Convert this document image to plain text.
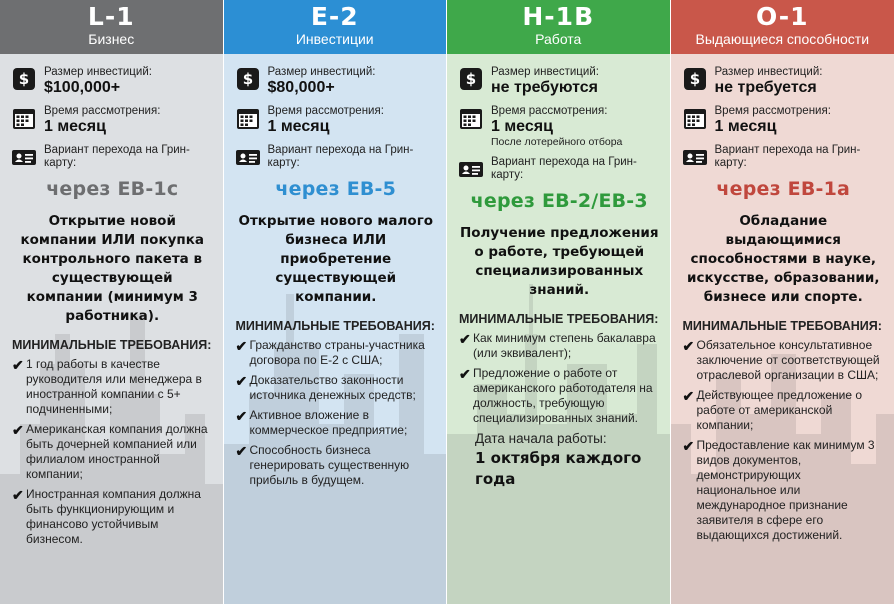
L-1
Бизнес
$ Размер инвестиций:
$100,000+
Время рассмотрения:
1 месяц
Вариант перехода на Грин-карту:
через EB-1c
Открытие новой компании ИЛИ покупка контрольного пакета в существующей компании (минимум 3 работника).
МИНИМАЛЬНЫЕ ТРЕБОВАНИЯ:
✔ 1 год работы в качестве руководителя или менеджера в иностранной компании с 5+ подчиненными;
✔ Американская компания должна быть дочерней компанией или филиалом иностранной компании;
✔ Иностранная компания должна быть функционирующим и финансово устойчивым бизнесом.
E-2
Инвестиции
$ Размер инвестиций:
$80,000+
Время рассмотрения:
1 месяц
Вариант перехода на Грин-карту:
через EB-5
Открытие нового малого бизнеса ИЛИ приобретение существующей компании.
МИНИМАЛЬНЫЕ ТРЕБОВАНИЯ:
✔ Гражданство страны-участника договора по E-2 с США;
✔ Доказательство законности источника денежных средств;
✔ Активное вложение в коммерческое предприятие;
✔ Способность бизнеса генерировать существенную прибыль в будущем.
H-1B
Работа
$ Размер инвестиций:
не требуются
Время рассмотрения:
1 месяц
После лотерейного отбора
Вариант перехода на Грин-карту:
через EB-2/EB-3
Получение предложения о работе, требующей специализированных знаний.
МИНИМАЛЬНЫЕ ТРЕБОВАНИЯ:
✔ Как минимум степень бакалавра (или эквивалент);
✔ Предложение о работе от американского работодателя на должность, требующую специализированных знаний.
Дата начала работы:
1 октября каждого года
O-1
Выдающиеся способности
$ Размер инвестиций:
не требуется
Время рассмотрения:
1 месяц
Вариант перехода на Грин-карту:
через EB-1a
Обладание выдающимися способностями в науке, искусстве, образовании, бизнесе или спорте.
МИНИМАЛЬНЫЕ ТРЕБОВАНИЯ:
✔ Обязательное консультативное заключение от соответствующей отраслевой организации в США;
✔ Действующее предложение о работе от американской компании;
✔ Предоставление как минимум 3 видов документов, демонстрирующих национальное или международное признание заявителя в сфере его выдающихся достижений.
